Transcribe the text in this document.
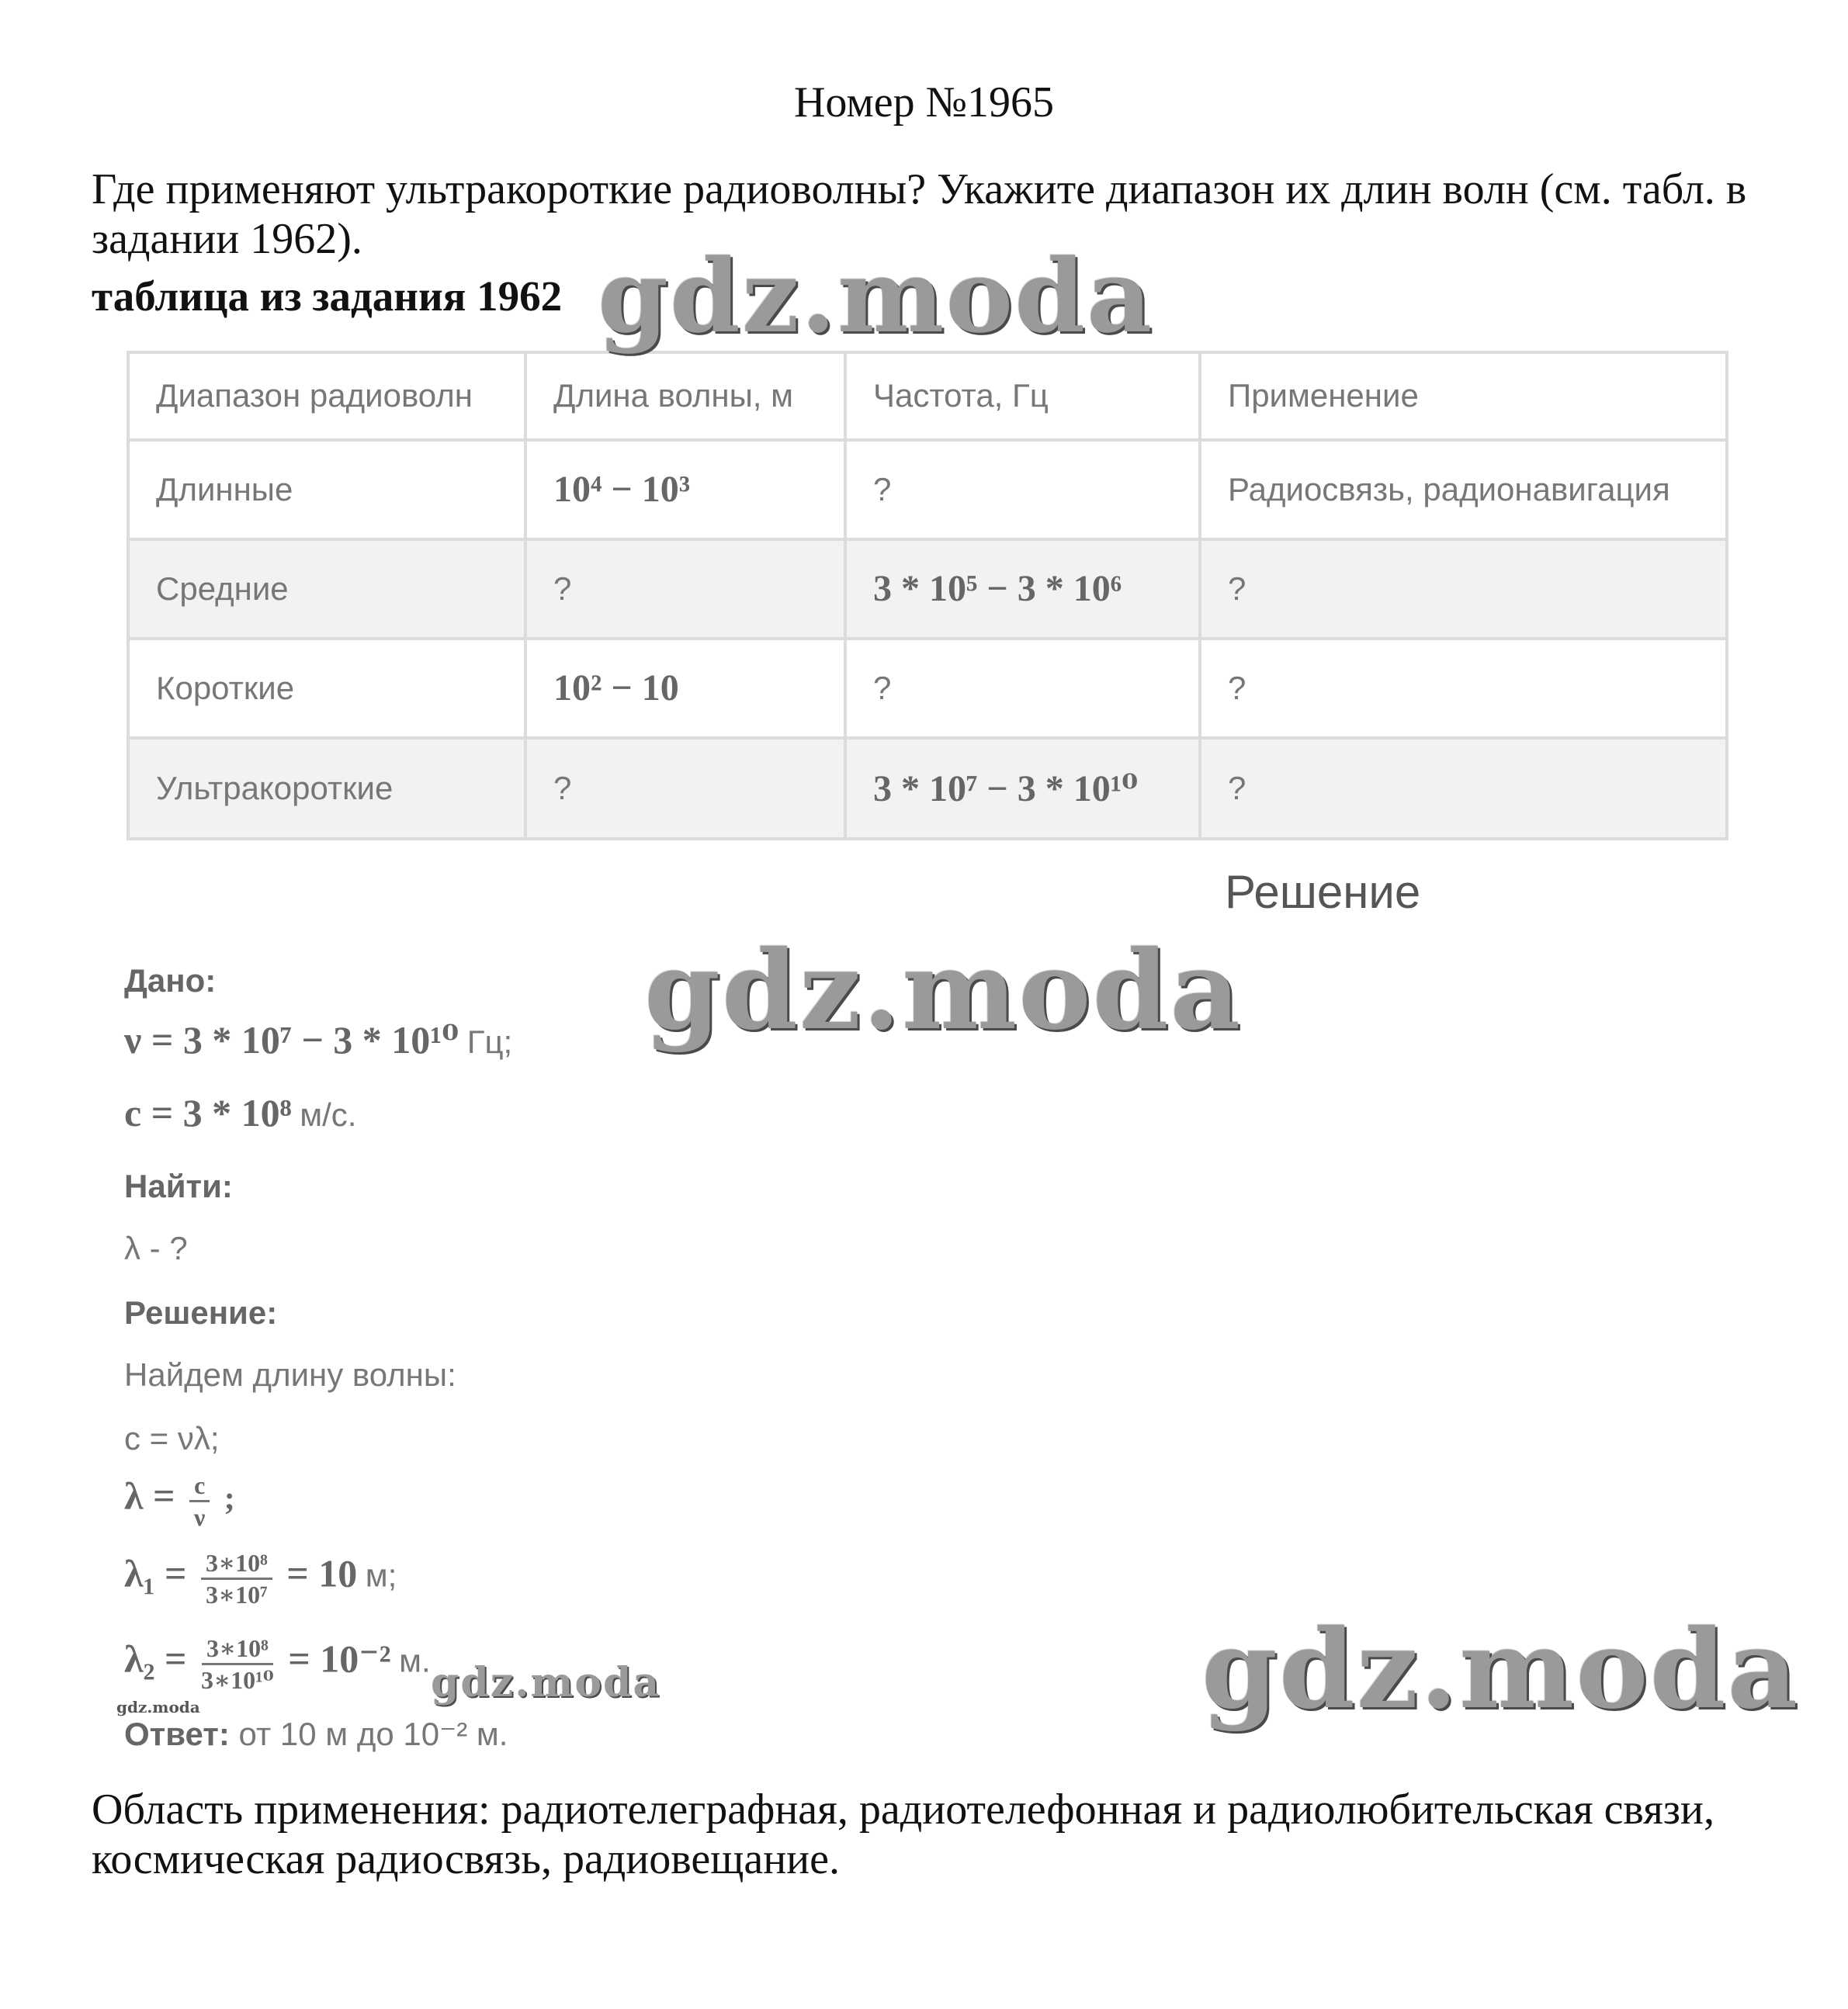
Номер №1965
Где применяют ультракороткие радиоволны? Укажите диапазон их длин волн (см. табл. в задании 1962).
таблица из задания 1962
Диапазон радиоволн	Длина волны, м	Частота, Гц	Применение
Длинные	10⁴ − 10³	?	Радиосвязь, радионавигация
Средние	?	3 * 10⁵ − 3 * 10⁶	?
Короткие	10² − 10	?	?
Ультракороткие	?	3 * 10⁷ − 3 * 10¹⁰	?
Решение
Дано:
ν = 3 * 10⁷ − 3 * 10¹⁰ Гц;
c = 3 * 10⁸ м/с.
Найти:
λ - ?
Решение:
Найдем длину волны:
c = νλ;
$\lambda = \frac{c}{\nu}$ ;
$\lambda_1 = \frac{\text{3∗10⁸}}{\text{3∗10⁷}} = 10$ м;
$\lambda_2 = \frac{\text{3∗10⁸}}{\text{3∗10¹⁰}} = 10^{-2}$ м.
Ответ: от 10 м до 10⁻² м.
Область применения: радиотелеграфная, радиотелефонная и радиолюбительская связи, космическая радиосвязь, радиовещание.
gdz.moda
gdz.moda
gdz.moda
gdz.moda
gdz.moda
